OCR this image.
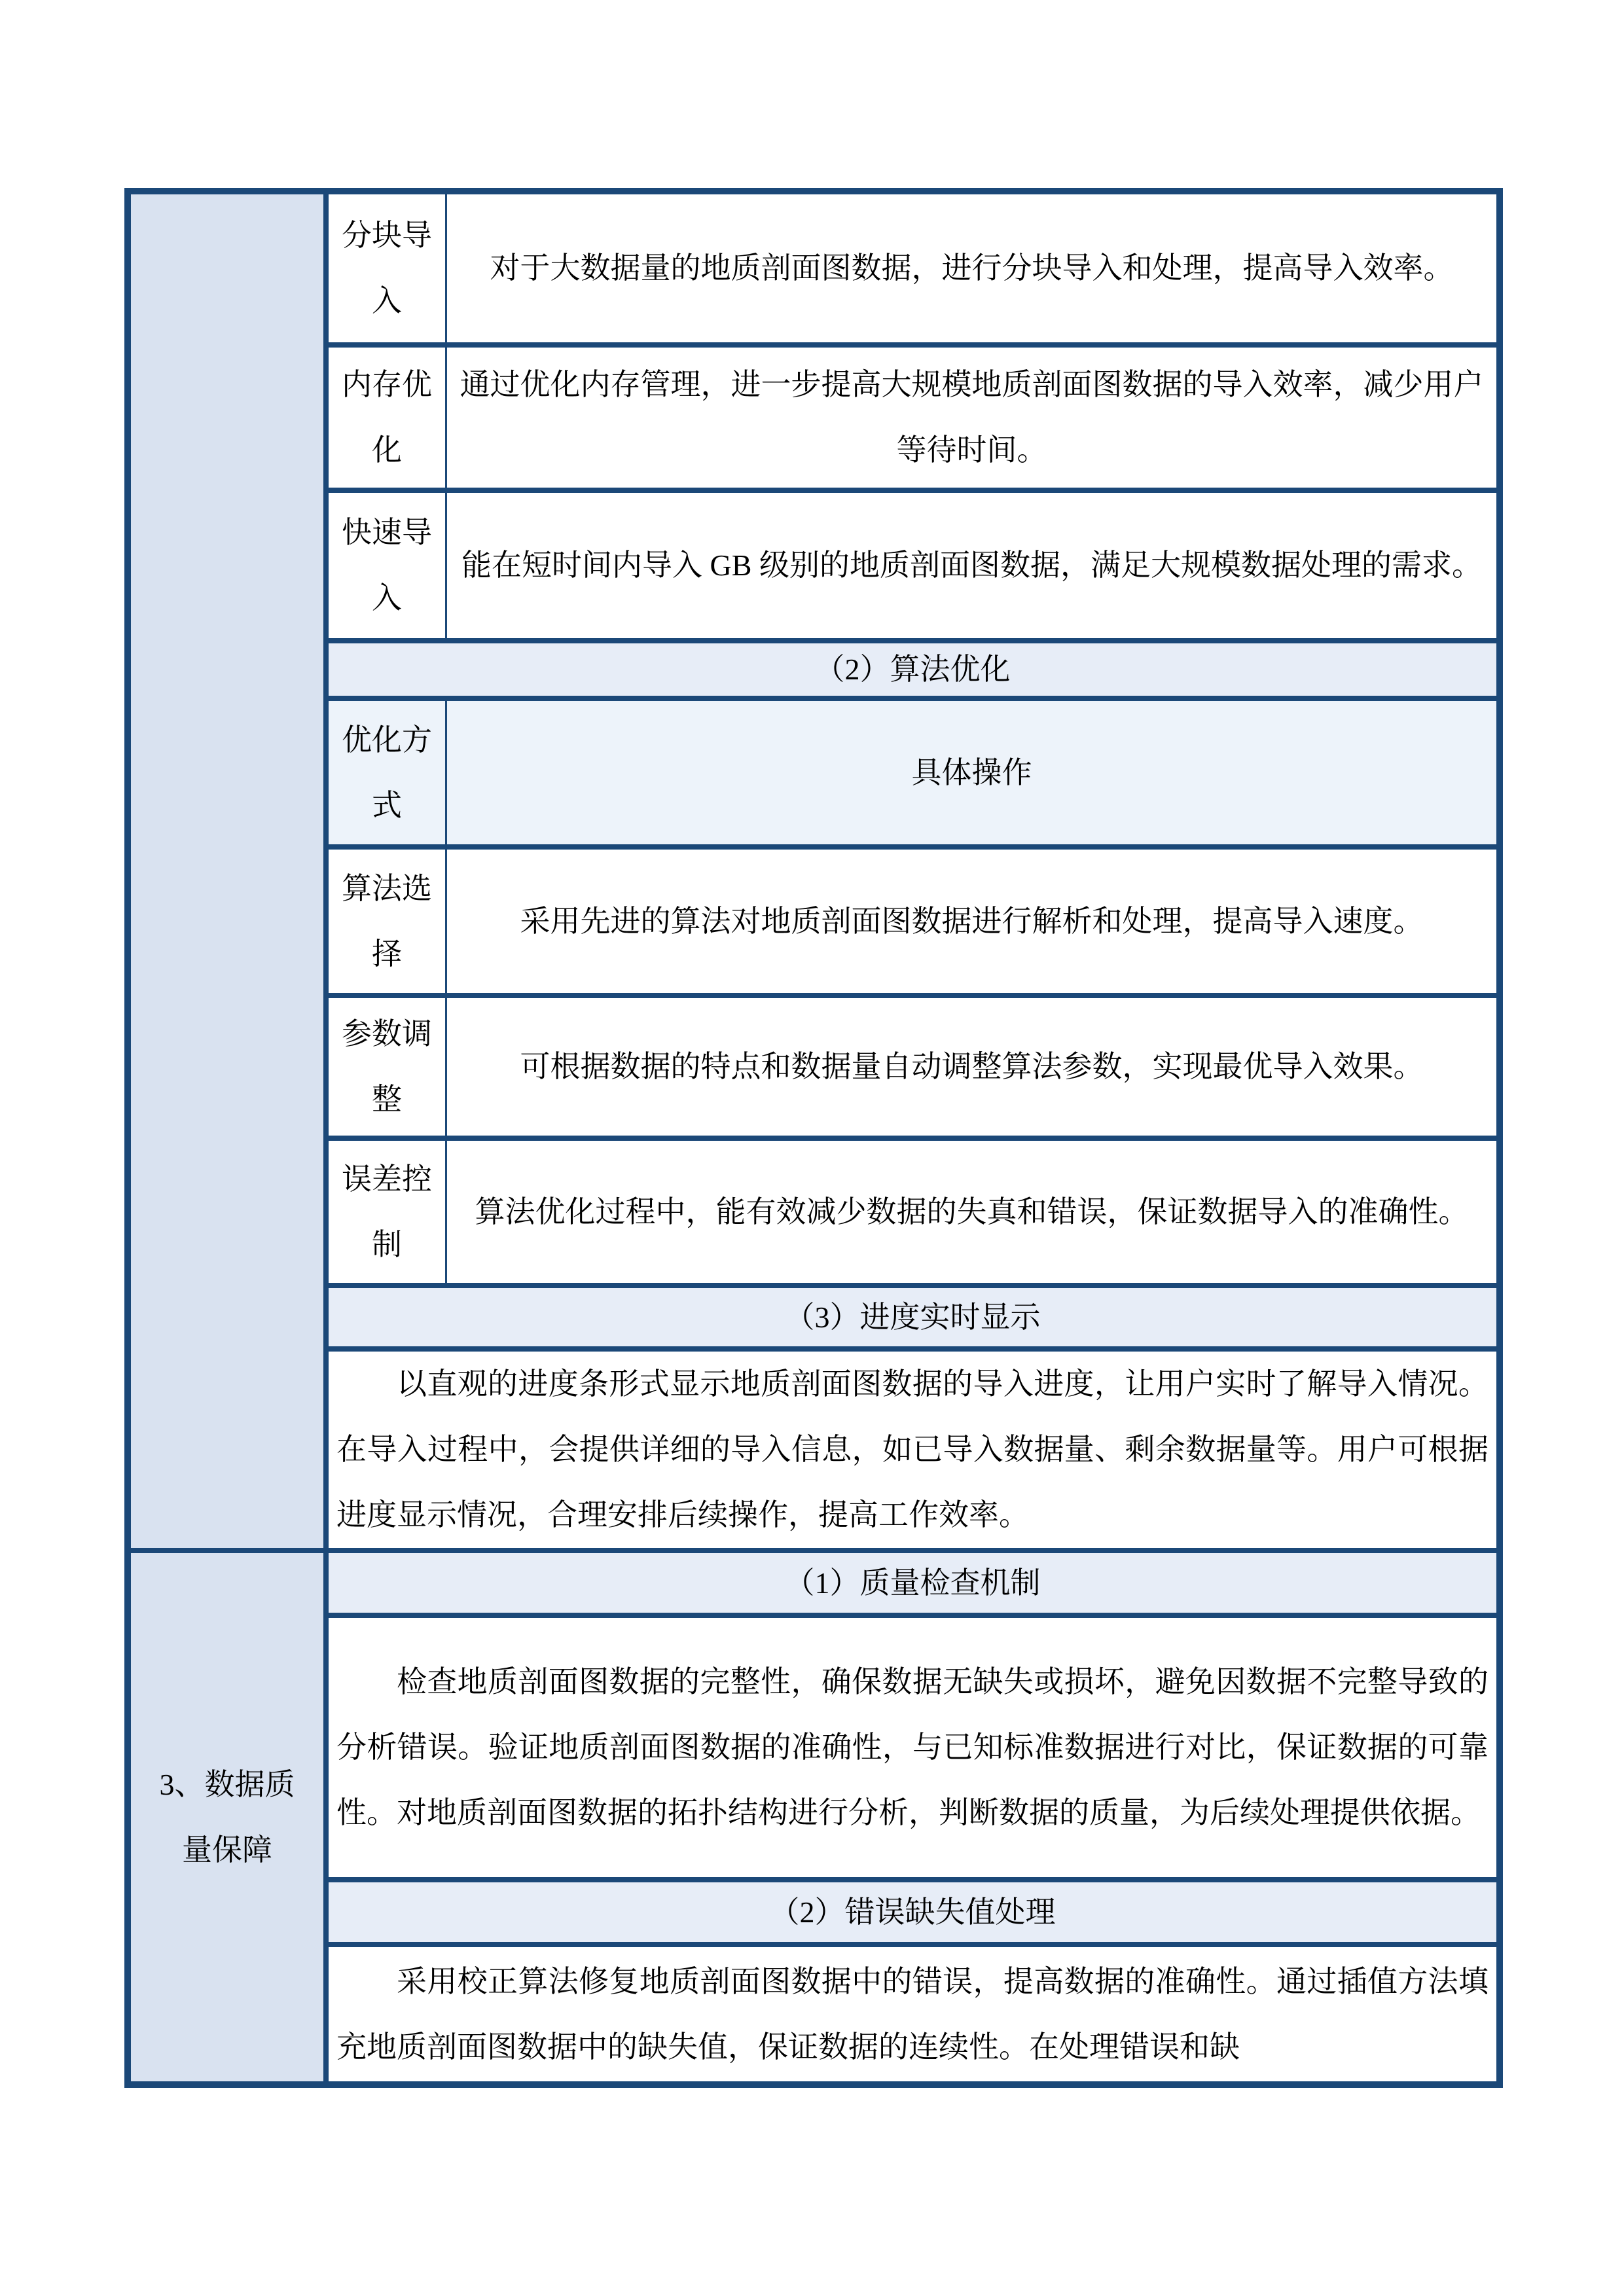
分块导入
对于大数据量的地质剖面图数据，进行分块导入和处理，提高导入效率。
内存优化
通过优化内存管理，进一步提高大规模地质剖面图数据的导入效率，减少用户等待时间。
快速导入
能在短时间内导入 GB 级别的地质剖面图数据，满足大规模数据处理的需求。
（2）算法优化
优化方式
具体操作
算法选择
采用先进的算法对地质剖面图数据进行解析和处理，提高导入速度。
参数调整
可根据数据的特点和数据量自动调整算法参数，实现最优导入效果。
误差控制
算法优化过程中，能有效减少数据的失真和错误，保证数据导入的准确性。
（3）进度实时显示

以直观的进度条形式显示地质剖面图数据的导入进度，让用户实时了解导入情况。在导入过程中，会提供详细的导入信息，如已导入数据量、剩余数据量等。用户可根据进度显示情况，合理安排后续操作，提高工作效率。

3、数据质量保障
（1）质量检查机制

检查地质剖面图数据的完整性，确保数据无缺失或损坏，避免因数据不完整导致的分析错误。验证地质剖面图数据的准确性，与已知标准数据进行对比，保证数据的可靠性。对地质剖面图数据的拓扑结构进行分析，判断数据的质量，为后续处理提供依据。

（2）错误缺失值处理

采用校正算法修复地质剖面图数据中的错误，提高数据的准确性。通过插值方法填充地质剖面图数据中的缺失值，保证数据的连续性。在处理错误和缺
